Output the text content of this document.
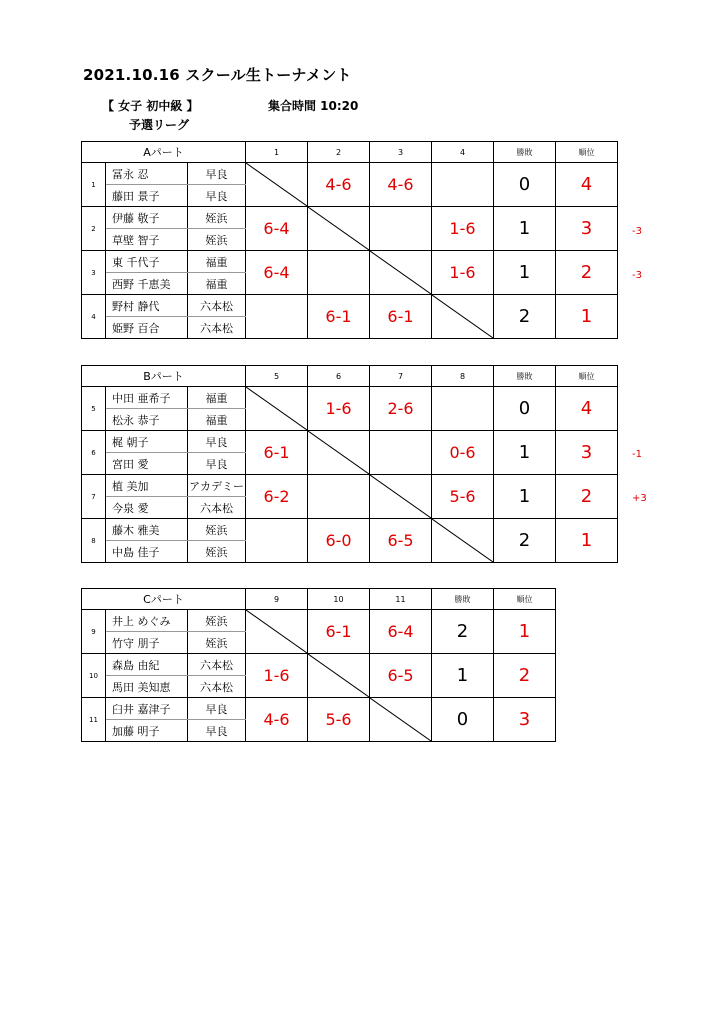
2021.10.16 スクール生トーナメント
【 女子 初中級 】	集合時間 10:20
予選リーグ
Aパート			1	2	3	4	勝敗	順位
1	冨永 忍	早良		4-6	4-6		0	4
	藤田 景子	早良						
2	伊藤 敬子	姪浜	6-4			1-6	1	3
	草壁 智子	姪浜						
3	東 千代子	福重	6-4			1-6	1	2
	西野 千恵美	福重						
4	野村 静代	六本松		6-1	6-1		2	1
	姫野 百合	六本松						
-3
-3
Bパート			5	6	7	8	勝敗	順位
5	中田 亜希子	福重		1-6	2-6		0	4
	松永 恭子	福重						
6	梶 朝子	早良	6-1			0-6	1	3
	宮田 愛	早良						
7	植 美加	アカデミー	6-2			5-6	1	2
	今泉 愛	六本松						
8	藤木 雅美	姪浜		6-0	6-5		2	1
	中島 佳子	姪浜						
-1
+3
Cパート			9	10	11	勝敗	順位
9	井上 めぐみ	姪浜		6-1	6-4	2	1
	竹守 朋子	姪浜					
10	森島 由紀	六本松	1-6		6-5	1	2
	馬田 美知恵	六本松					
11	臼井 嘉津子	早良	4-6	5-6		0	3
	加藤 明子	早良					
